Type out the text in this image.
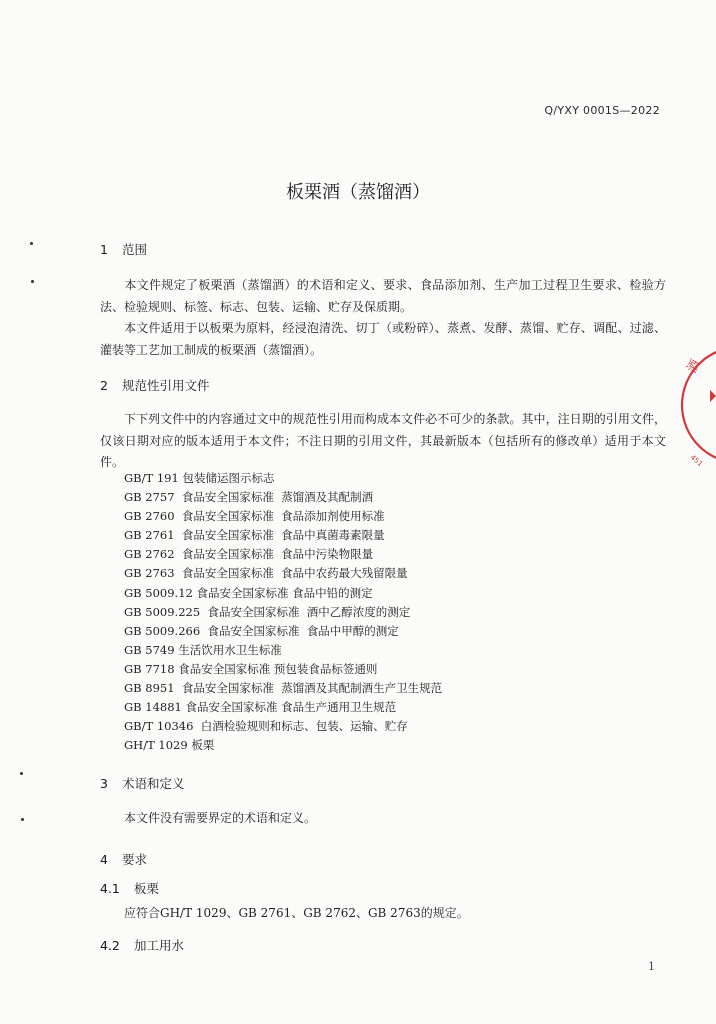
Q/YXY 0001S—2022
板栗酒（蒸馏酒）
1 范围
本文件规定了板栗酒（蒸馏酒）的术语和定义、要求、食品添加剂、生产加工过程卫生要求、检验方法、检验规则、标签、标志、包装、运输、贮存及保质期。
本文件适用于以板栗为原料，经浸泡清洗、切丁（或粉碎）、蒸煮、发酵、蒸馏、贮存、调配、过滤、灌装等工艺加工制成的板栗酒（蒸馏酒）。
2 规范性引用文件
下下列文件中的内容通过文中的规范性引用而构成本文件必不可少的条款。其中，注日期的引用文件，仅该日期对应的版本适用于本文件；不注日期的引用文件，其最新版本（包括所有的修改单）适用于本文件。
GB/T 191 包装储运图示标志
GB 2757  食品安全国家标准  蒸馏酒及其配制酒
GB 2760  食品安全国家标准  食品添加剂使用标准
GB 2761  食品安全国家标准  食品中真菌毒素限量
GB 2762  食品安全国家标准  食品中污染物限量
GB 2763  食品安全国家标准  食品中农药最大残留限量
GB 5009.12 食品安全国家标准 食品中铅的测定
GB 5009.225  食品安全国家标准  酒中乙醇浓度的测定
GB 5009.266  食品安全国家标准  食品中甲醇的测定
GB 5749 生活饮用水卫生标准
GB 7718 食品安全国家标准 预包装食品标签通则
GB 8951  食品安全国家标准  蒸馏酒及其配制酒生产卫生规范
GB 14881 食品安全国家标准 食品生产通用卫生规范
GB/T 10346  白酒检验规则和标志、包装、运输、贮存
GH/T 1029 板栗
3 术语和定义
本文件没有需要界定的术语和定义。
4 要求
4.1 板栗
应符合GH/T 1029、GB 2761、GB 2762、GB 2763的规定。
4.2 加工用水
1
酒
451
